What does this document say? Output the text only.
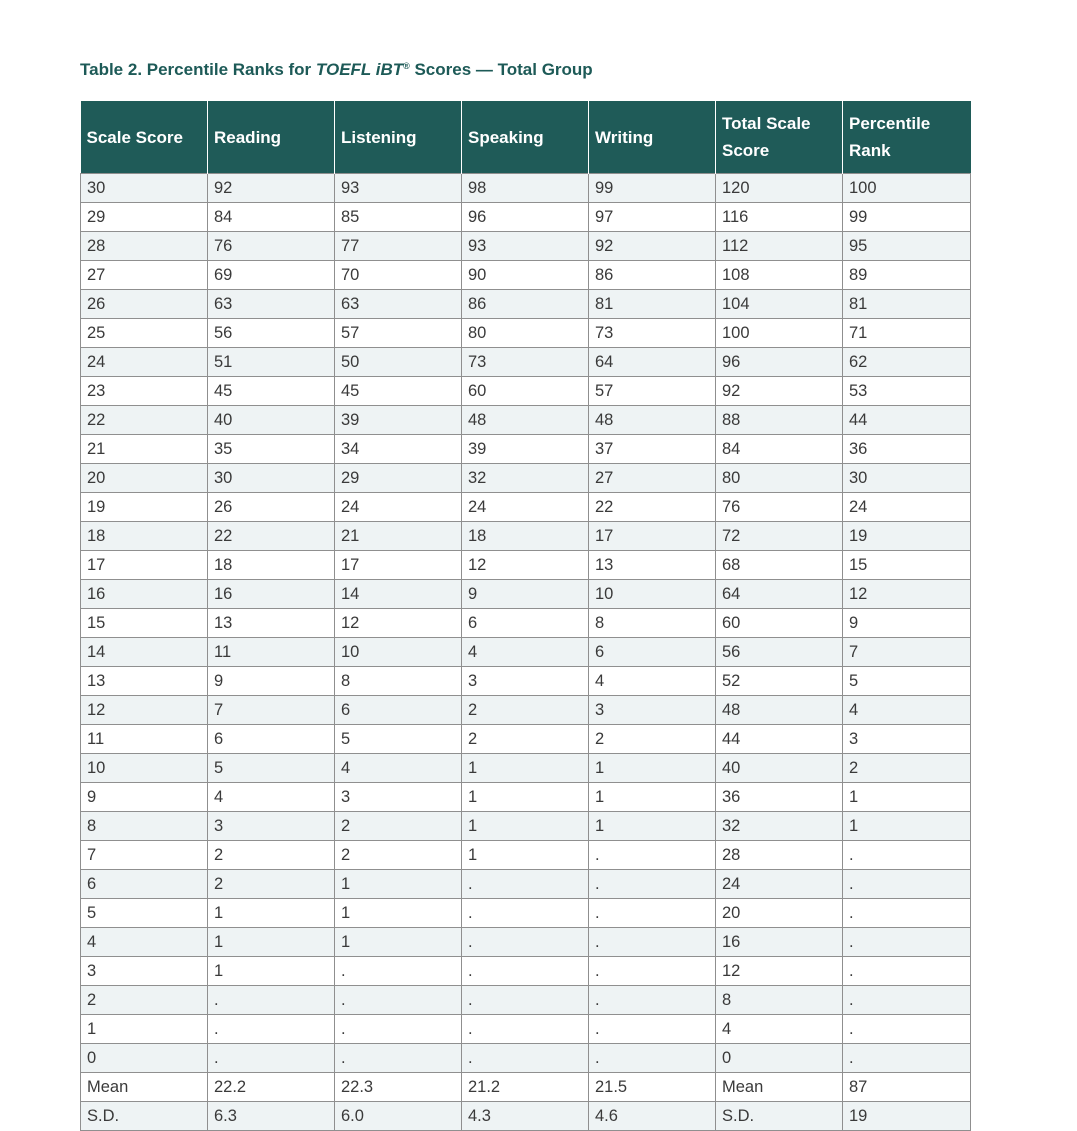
Table 2. Percentile Ranks for TOEFL iBT® Scores — Total Group
Scale Score	Reading	Listening	Speaking	Writing	Total Scale Score	Percentile Rank
30	92	93	98	99	120	100
29	84	85	96	97	116	99
28	76	77	93	92	112	95
27	69	70	90	86	108	89
26	63	63	86	81	104	81
25	56	57	80	73	100	71
24	51	50	73	64	96	62
23	45	45	60	57	92	53
22	40	39	48	48	88	44
21	35	34	39	37	84	36
20	30	29	32	27	80	30
19	26	24	24	22	76	24
18	22	21	18	17	72	19
17	18	17	12	13	68	15
16	16	14	9	10	64	12
15	13	12	6	8	60	9
14	11	10	4	6	56	7
13	9	8	3	4	52	5
12	7	6	2	3	48	4
11	6	5	2	2	44	3
10	5	4	1	1	40	2
9	4	3	1	1	36	1
8	3	2	1	1	32	1
7	2	2	1	.	28	.
6	2	1	.	.	24	.
5	1	1	.	.	20	.
4	1	1	.	.	16	.
3	1	.	.	.	12	.
2	.	.	.	.	8	.
1	.	.	.	.	4	.
0	.	.	.	.	0	.
Mean	22.2	22.3	21.2	21.5	Mean	87
S.D.	6.3	6.0	4.3	4.6	S.D.	19
